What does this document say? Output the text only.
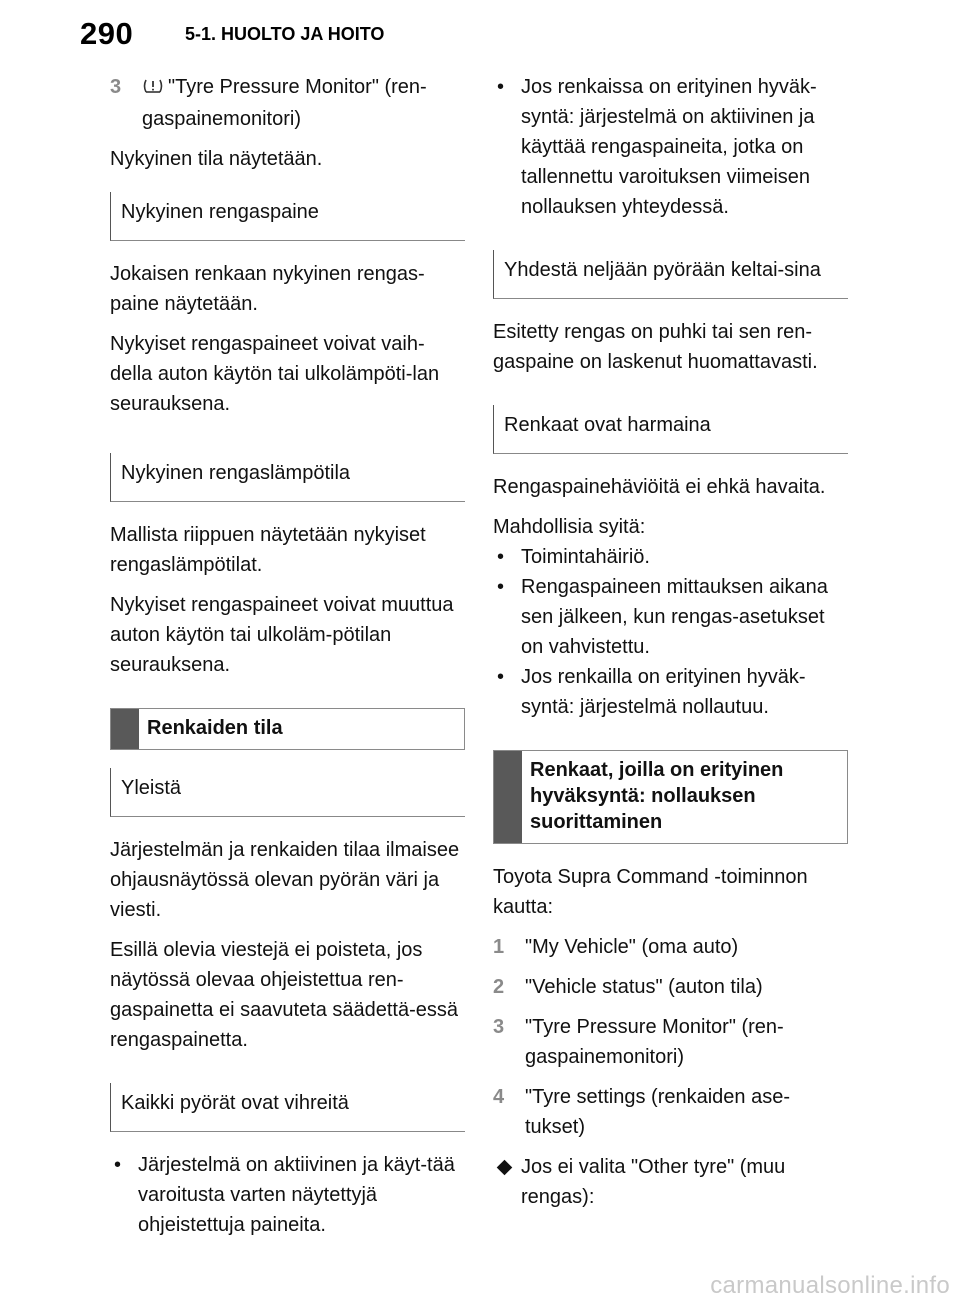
290	5-1. HUOLTO JA HOITO
3 "Tyre Pressure Monitor" (ren-gaspainemonitori)

Nykyinen tila näytetään.

Nykyinen rengaspaine

Jokaisen renkaan nykyinen rengas-paine näytetään.

Nykyiset rengaspaineet voivat vaih-della auton käytön tai ulkolämpöti-lan seurauksena.

Nykyinen rengaslämpötila

Mallista riippuen näytetään nykyiset rengaslämpötilat.

Nykyiset rengaspaineet voivat muuttua auton käytön tai ulkoläm-pötilan seurauksena.

Renkaiden tila
Yleistä

Järjestelmän ja renkaiden tilaa ilmaisee ohjausnäytössä olevan pyörän väri ja viesti.

Esillä olevia viestejä ei poisteta, jos näytössä olevaa ohjeistettua ren-gaspainetta ei saavuteta säädettä-essä rengaspainetta.

Kaikki pyörät ovat vihreitä
• Järjestelmä on aktiivinen ja käyt-tää varoitusta varten näytettyjä ohjeistettuja paineita.
• Jos renkaissa on erityinen hyväk-syntä: järjestelmä on aktiivinen ja käyttää rengaspaineita, jotka on tallennettu varoituksen viimeisen nollauksen yhteydessä.
Yhdestä neljään pyörään keltai-sina

Esitetty rengas on puhki tai sen ren-gaspaine on laskenut huomattavasti.

Renkaat ovat harmaina

Rengaspainehäviöitä ei ehkä havaita.

Mahdollisia syitä:

• Toimintahäiriö.
• Rengaspaineen mittauksen aikana sen jälkeen, kun rengas-asetukset on vahvistettu.
• Jos renkailla on erityinen hyväk-syntä: järjestelmä nollautuu.
Renkaat, joilla on erityinen hyväksyntä: nollauksen suorittaminen

Toyota Supra Command -toiminnon kautta:

1 "My Vehicle" (oma auto)
2 "Vehicle status" (auton tila)
3 "Tyre Pressure Monitor" (ren-gaspainemonitori)
4 "Tyre settings (renkaiden ase-tukset)
Jos ei valita "Other tyre" (muu rengas):
carmanualsonline.info
